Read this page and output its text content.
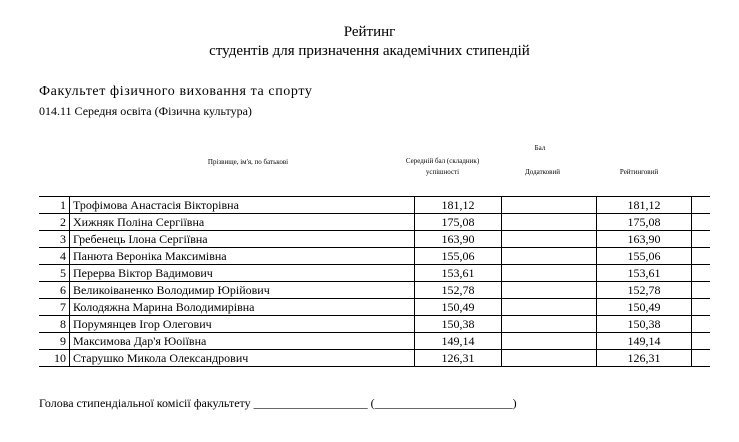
Рейтинг
студентів для призначення академічних стипендій
Факультет фізичного виховання та спорту
014.11 Середня освіта (Фізична культура)
Прізвище, ім'я, по батькові
Бал
Середній бал (складник) успішності	Додатковий	Рейтинговий
1	Трофімова Анастасія Вікторівна	181,12		181,12	
2	Хижняк Поліна Сергіївна	175,08		175,08	
3	Гребенець Ілона Сергіївна	163,90		163,90	
4	Панюта Вероніка Максимівна	155,06		155,06	
5	Перерва Віктор Вадимович	153,61		153,61	
6	Великоіваненко Володимир Юрійович	152,78		152,78	
7	Колодяжна Марина Володимирівна	150,49		150,49	
8	Порумянцев Ігор Олегович	150,38		150,38	
9	Максимова Дар'я Юоіївна	149,14		149,14	
10	Старушко Микола Олександрович	126,31		126,31	
Голова стипендіальної комісії факультету ___________________ (_______________________)
